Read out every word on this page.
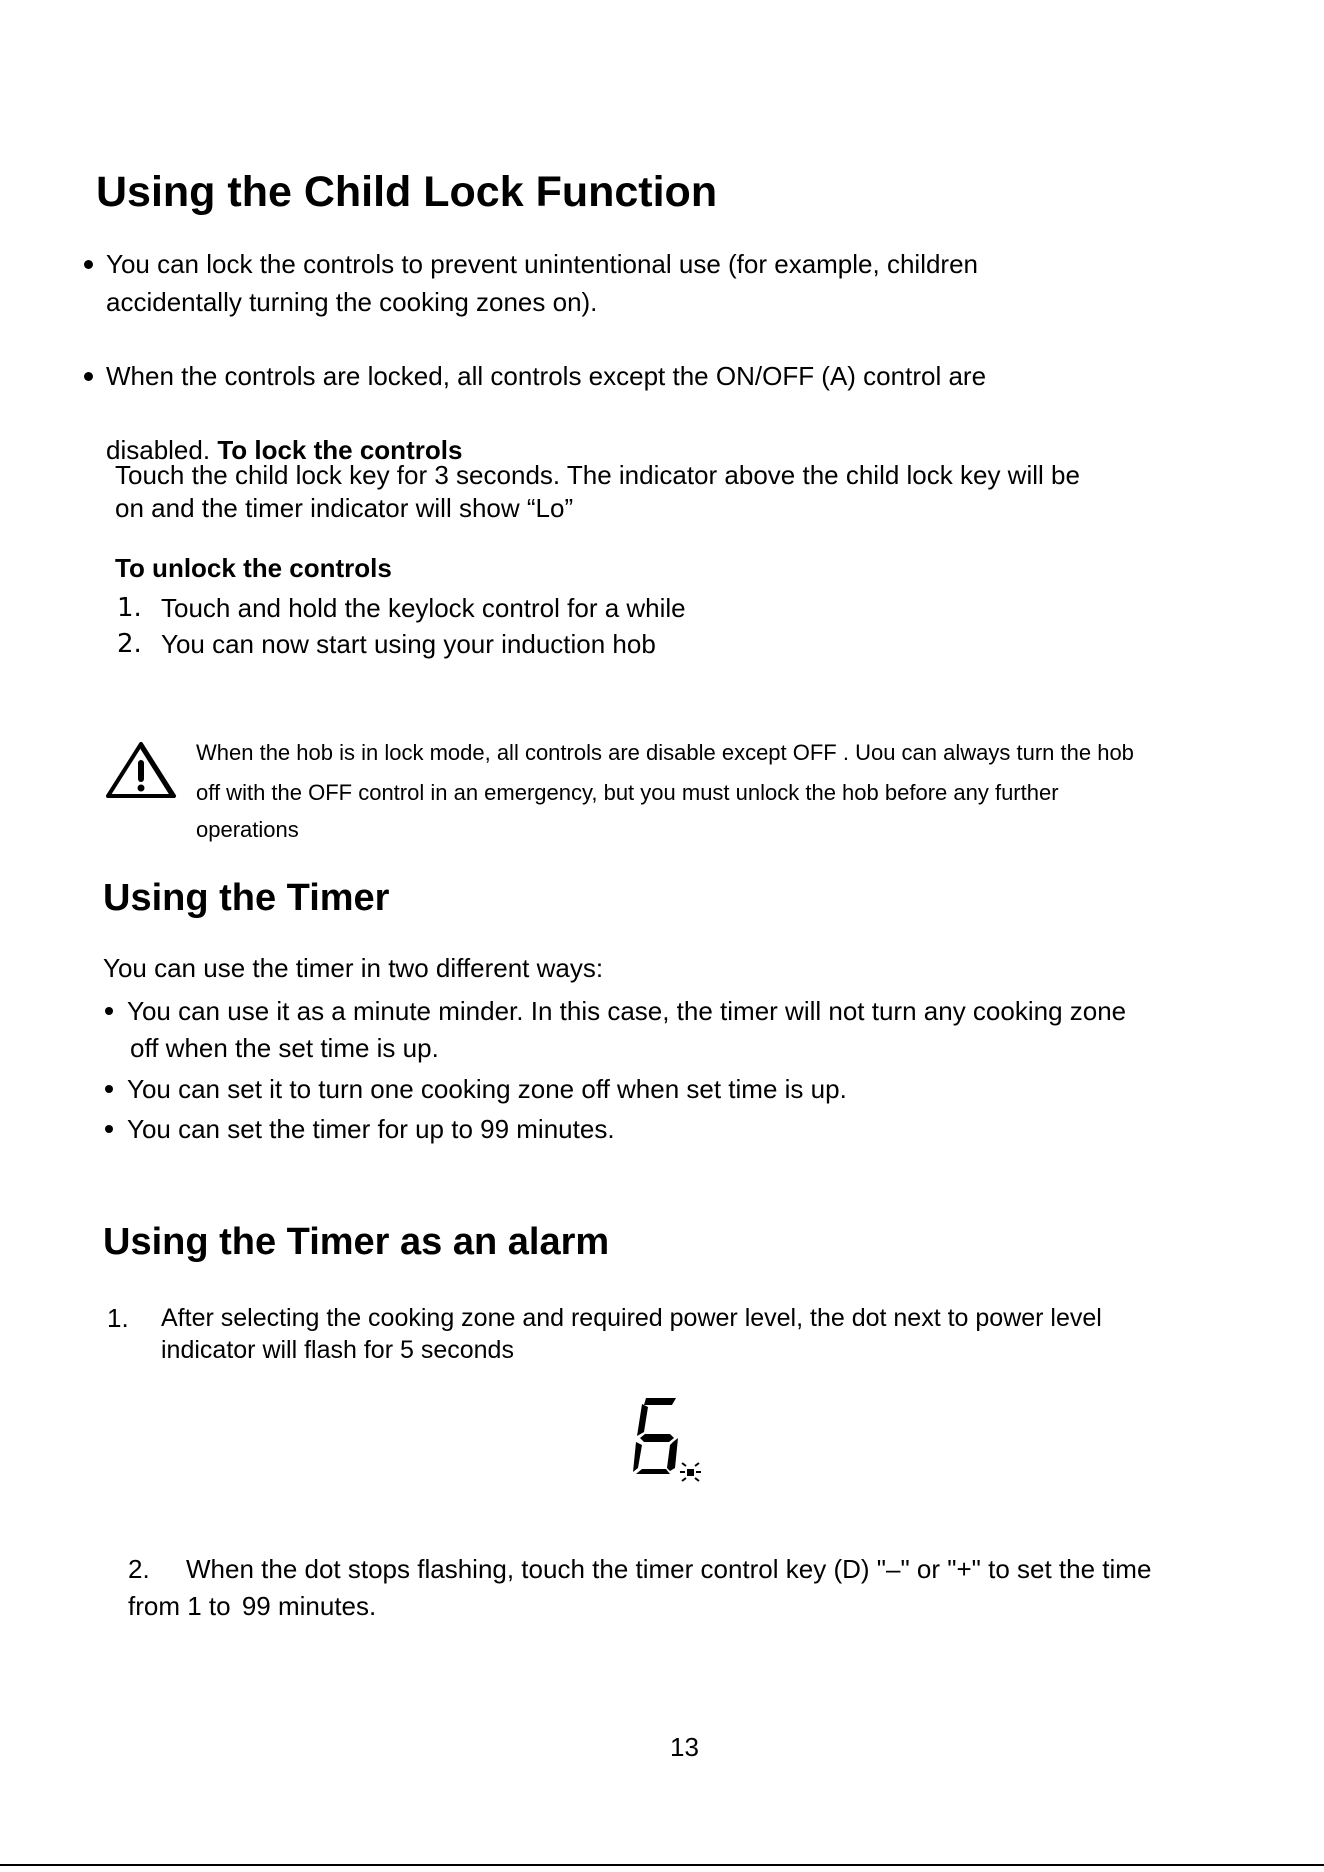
Using the Child Lock Function
You can lock the controls to prevent unintentional use (for example, children
accidentally turning the cooking zones on).
When the controls are locked, all controls except the ON/OFF (A) control are
disabled. To lock the controls
Touch the child lock key for 3 seconds. The indicator above the child lock key will be
on and the timer indicator will show “Lo”
To unlock the controls
1. Touch and hold the keylock control for a while
2. You can now start using your induction hob
When the hob is in lock mode, all controls are disable except OFF . Uou can always turn the hob
off with the OFF control in an emergency, but you must unlock the hob before any further
operations
Using the Timer
You can use the timer in two different ways:
You can use it as a minute minder. In this case, the timer will not turn any cooking zone
off when the set time is up.
You can set it to turn one cooking zone off when set time is up.
You can set the timer for up to 99 minutes.
Using the Timer as an alarm
1. After selecting the cooking zone and required power level, the dot next to power level
indicator will flash for 5 seconds
2. When the dot stops flashing, touch the timer control key (D) "–" or "+" to set the time
from 1 to 99 minutes.
13
